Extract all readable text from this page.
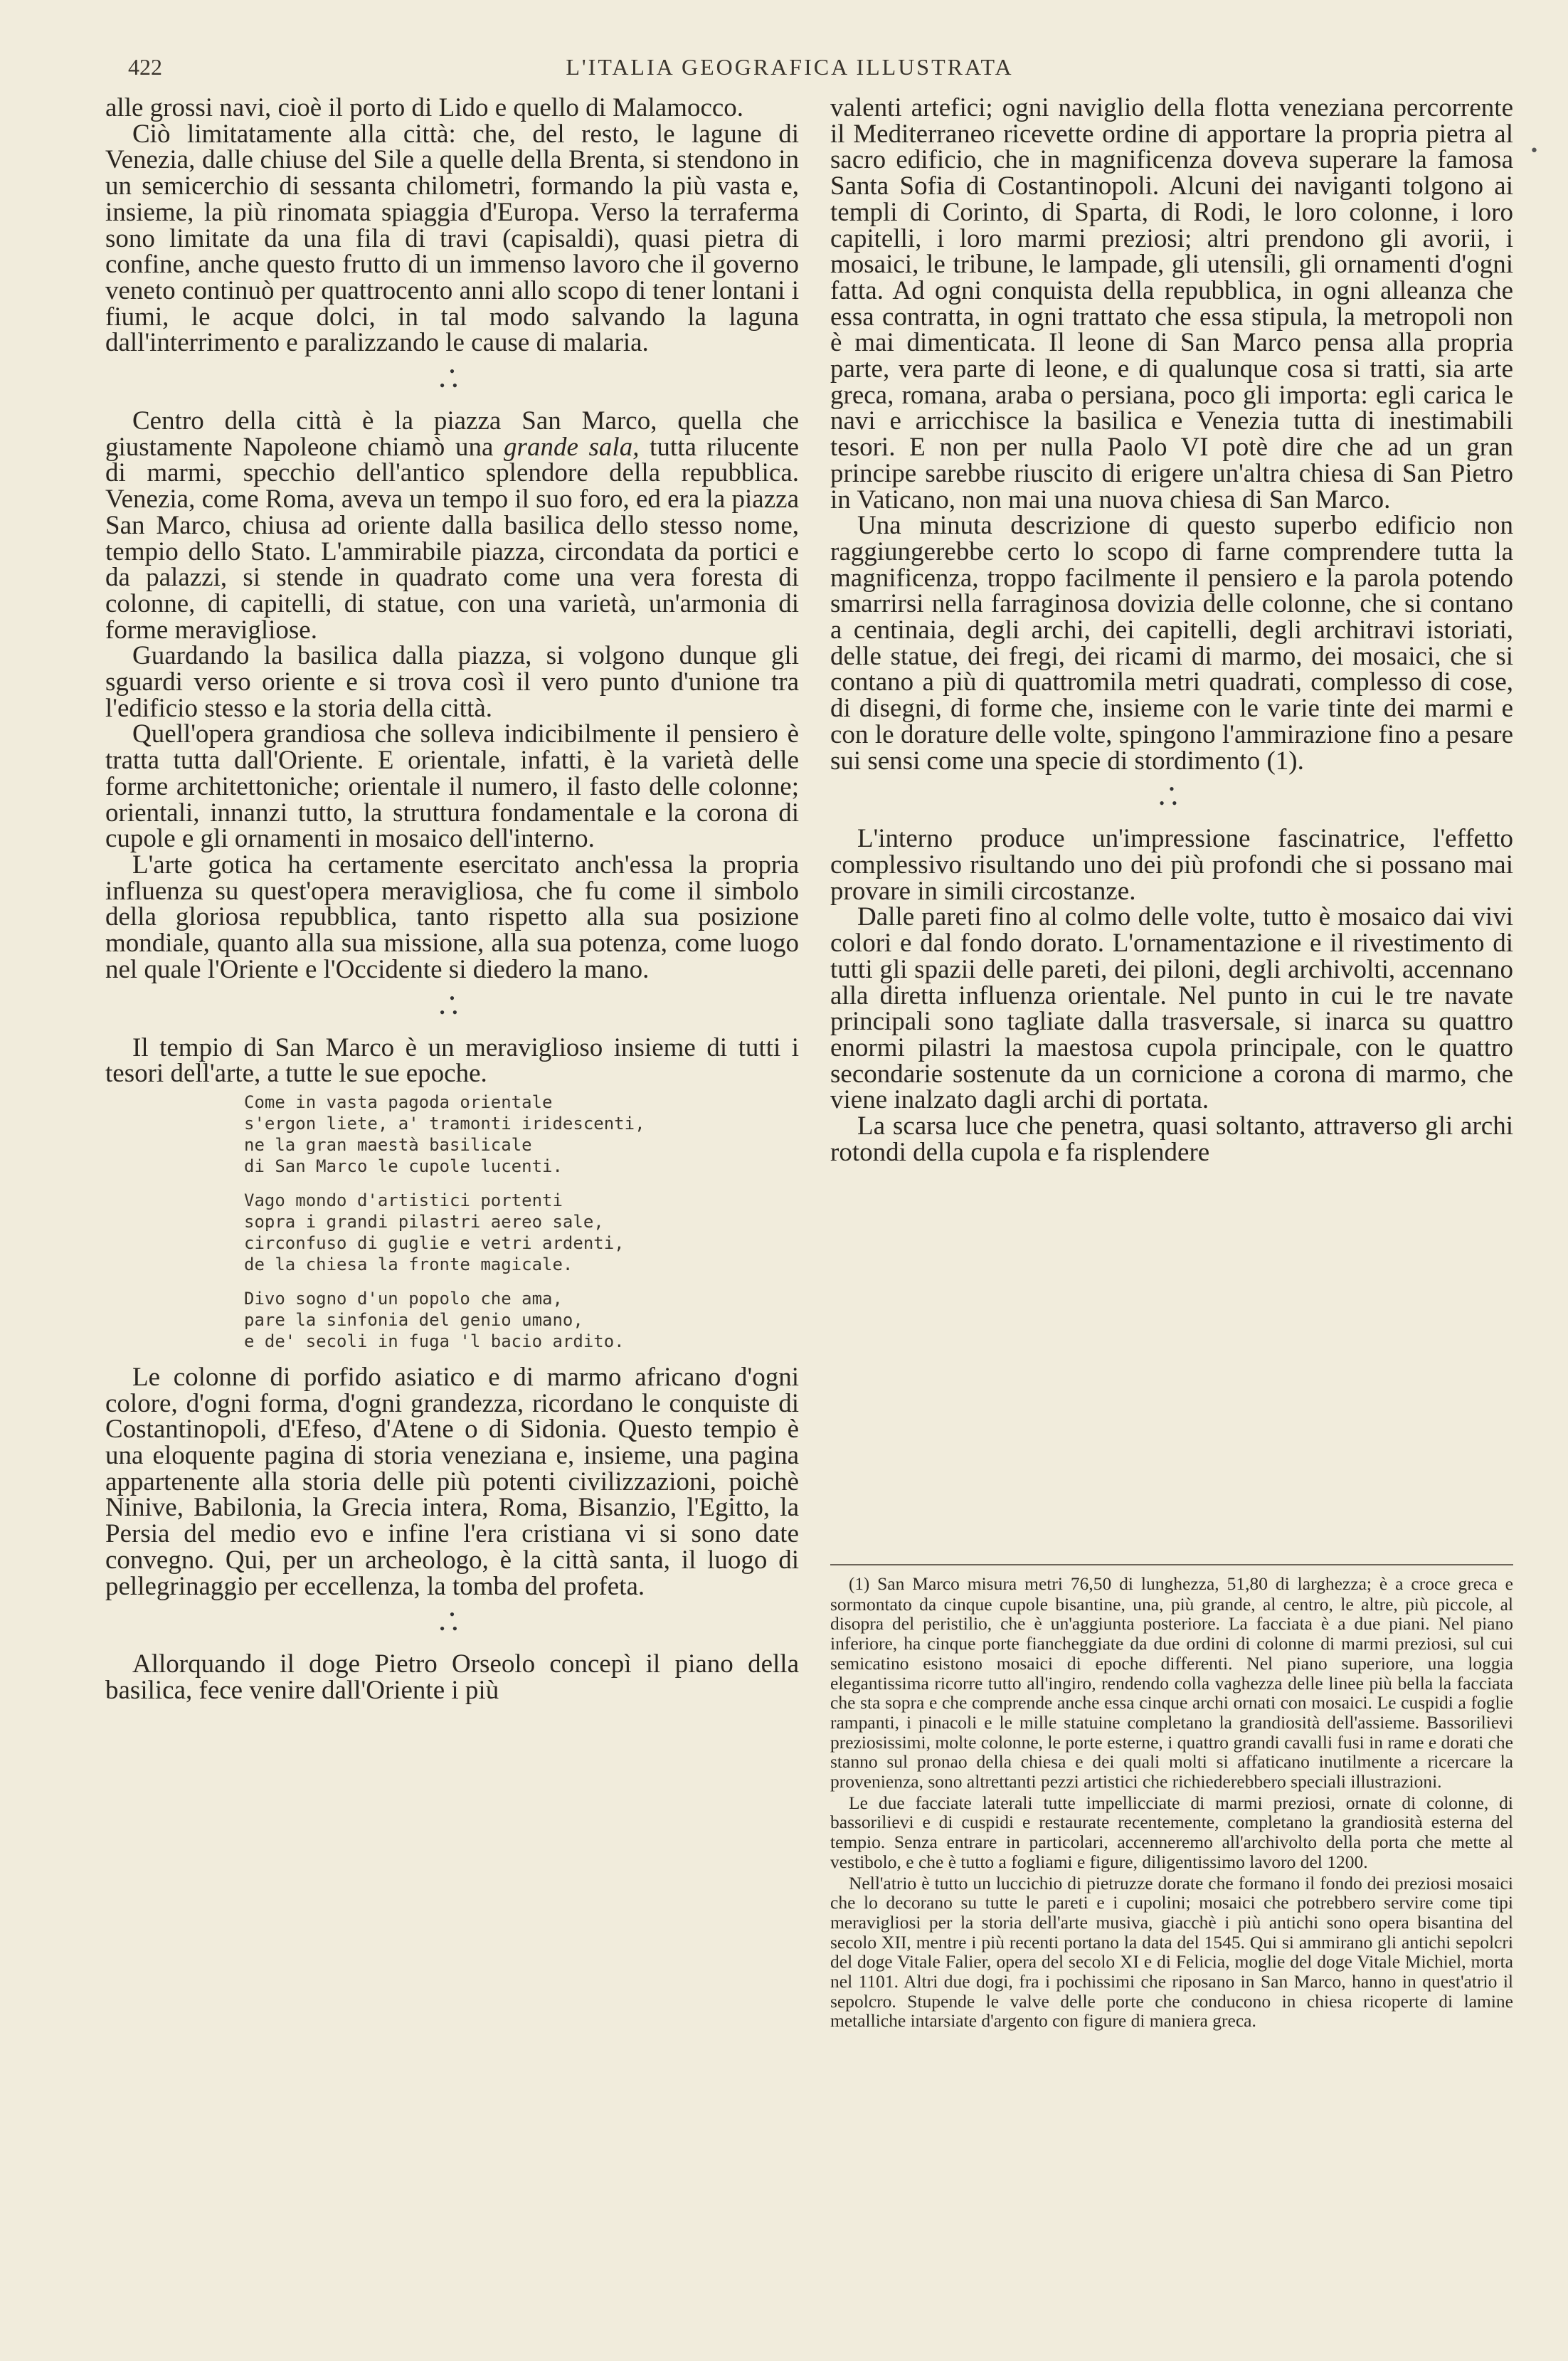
422	L'ITALIA GEOGRAFICA ILLUSTRATA
•

alle grossi navi, cioè il porto di Lido e quello di Malamocco.

Ciò limitatamente alla città: che, del resto, le lagune di Venezia, dalle chiuse del Sile a quelle della Brenta, si stendono in un semicerchio di sessanta chilometri, formando la più vasta e, insieme, la più rinomata spiaggia d'Europa. Verso la terraferma sono limitate da una fila di travi (capisaldi), quasi pietra di confine, anche questo frutto di un immenso lavoro che il governo veneto continuò per quattrocento anni allo scopo di tener lontani i fiumi, le acque dolci, in tal modo salvando la laguna dall'interrimento e paralizzando le cause di malaria.

•
••

Centro della città è la piazza San Marco, quella che giustamente Napoleone chiamò una grande sala, tutta rilucente di marmi, specchio dell'antico splendore della repubblica. Venezia, come Roma, aveva un tempo il suo foro, ed era la piazza San Marco, chiusa ad oriente dalla basilica dello stesso nome, tempio dello Stato. L'ammirabile piazza, circondata da portici e da palazzi, si stende in quadrato come una vera foresta di colonne, di capitelli, di statue, con una varietà, un'armonia di forme meravigliose.

Guardando la basilica dalla piazza, si volgono dunque gli sguardi verso oriente e si trova così il vero punto d'unione tra l'edificio stesso e la storia della città.

Quell'opera grandiosa che solleva indicibilmente il pensiero è tratta tutta dall'Oriente. E orientale, infatti, è la varietà delle forme architettoniche; orientale il numero, il fasto delle colonne; orientali, innanzi tutto, la struttura fondamentale e la corona di cupole e gli ornamenti in mosaico dell'interno.

L'arte gotica ha certamente esercitato anch'essa la propria influenza su quest'opera meravigliosa, che fu come il simbolo della gloriosa repubblica, tanto rispetto alla sua posizione mondiale, quanto alla sua missione, alla sua potenza, come luogo nel quale l'Oriente e l'Occidente si diedero la mano.

•
••

Il tempio di San Marco è un meraviglioso insieme di tutti i tesori dell'arte, a tutte le sue epoche.

Come in vasta pagoda orientale
s'ergon liete, a' tramonti iridescenti,
ne la gran maestà basilicale
di San Marco le cupole lucenti.
Vago mondo d'artistici portenti
sopra i grandi pilastri aereo sale,
circonfuso di guglie e vetri ardenti,
de la chiesa la fronte magicale.
Divo sogno d'un popolo che ama,
pare la sinfonia del genio umano,
e de' secoli in fuga 'l bacio ardito.

Le colonne di porfido asiatico e di marmo africano d'ogni colore, d'ogni forma, d'ogni grandezza, ricordano le conquiste di Costantinopoli, d'Efeso, d'Atene o di Sidonia. Questo tempio è una eloquente pagina di storia veneziana e, insieme, una pagina appartenente alla storia delle più potenti civilizzazioni, poichè Ninive, Babilonia, la Grecia intera, Roma, Bisanzio, l'Egitto, la Persia del medio evo e infine l'era cristiana vi si sono date convegno. Qui, per un archeologo, è la città santa, il luogo di pellegrinaggio per eccellenza, la tomba del profeta.

•
••

Allorquando il doge Pietro Orseolo concepì il piano della basilica, fece venire dall'Oriente i più

valenti artefici; ogni naviglio della flotta veneziana percorrente il Mediterraneo ricevette ordine di apportare la propria pietra al sacro edificio, che in magnificenza doveva superare la famosa Santa Sofia di Costantinopoli. Alcuni dei naviganti tolgono ai templi di Corinto, di Sparta, di Rodi, le loro colonne, i loro capitelli, i loro marmi preziosi; altri prendono gli avorii, i mosaici, le tribune, le lampade, gli utensili, gli ornamenti d'ogni fatta. Ad ogni conquista della repubblica, in ogni alleanza che essa contratta, in ogni trattato che essa stipula, la metropoli non è mai dimenticata. Il leone di San Marco pensa alla propria parte, vera parte di leone, e di qualunque cosa si tratti, sia arte greca, romana, araba o persiana, poco gli importa: egli carica le navi e arricchisce la basilica e Venezia tutta di inestimabili tesori. E non per nulla Paolo VI potè dire che ad un gran principe sarebbe riuscito di erigere un'altra chiesa di San Pietro in Vaticano, non mai una nuova chiesa di San Marco.

Una minuta descrizione di questo superbo edificio non raggiungerebbe certo lo scopo di farne comprendere tutta la magnificenza, troppo facilmente il pensiero e la parola potendo smarrirsi nella farraginosa dovizia delle colonne, che si contano a centinaia, degli archi, dei capitelli, degli architravi istoriati, delle statue, dei fregi, dei ricami di marmo, dei mosaici, che si contano a più di quattromila metri quadrati, complesso di cose, di disegni, di forme che, insieme con le varie tinte dei marmi e con le dorature delle volte, spingono l'ammirazione fino a pesare sui sensi come una specie di stordimento (1).

•
••

L'interno produce un'impressione fascinatrice, l'effetto complessivo risultando uno dei più profondi che si possano mai provare in simili circostanze.

Dalle pareti fino al colmo delle volte, tutto è mosaico dai vivi colori e dal fondo dorato. L'ornamentazione e il rivestimento di tutti gli spazii delle pareti, dei piloni, degli archivolti, accennano alla diretta influenza orientale. Nel punto in cui le tre navate principali sono tagliate dalla trasversale, si inarca su quattro enormi pilastri la maestosa cupola principale, con le quattro secondarie sostenute da un cornicione a corona di marmo, che viene inalzato dagli archi di portata.

La scarsa luce che penetra, quasi soltanto, attraverso gli archi rotondi della cupola e fa risplendere

(1) San Marco misura metri 76,50 di lunghezza, 51,80 di larghezza; è a croce greca e sormontato da cinque cupole bisantine, una, più grande, al centro, le altre, più piccole, al disopra del peristilio, che è un'aggiunta posteriore. La facciata è a due piani. Nel piano inferiore, ha cinque porte fiancheggiate da due ordini di colonne di marmi preziosi, sul cui semicatino esistono mosaici di epoche differenti. Nel piano superiore, una loggia elegantissima ricorre tutto all'ingiro, rendendo colla vaghezza delle linee più bella la facciata che sta sopra e che comprende anche essa cinque archi ornati con mosaici. Le cuspidi a foglie rampanti, i pinacoli e le mille statuine completano la grandiosità dell'assieme. Bassorilievi preziosissimi, molte colonne, le porte esterne, i quattro grandi cavalli fusi in rame e dorati che stanno sul pronao della chiesa e dei quali molti si affaticano inutilmente a ricercare la provenienza, sono altrettanti pezzi artistici che richiederebbero speciali illustrazioni.

Le due facciate laterali tutte impellicciate di marmi preziosi, ornate di colonne, di bassorilievi e di cuspidi e restaurate recentemente, completano la grandiosità esterna del tempio. Senza entrare in particolari, accenneremo all'archivolto della porta che mette al vestibolo, e che è tutto a fogliami e figure, diligentissimo lavoro del 1200.

Nell'atrio è tutto un luccichio di pietruzze dorate che formano il fondo dei preziosi mosaici che lo decorano su tutte le pareti e i cupolini; mosaici che potrebbero servire come tipi meravigliosi per la storia dell'arte musiva, giacchè i più antichi sono opera bisantina del secolo XII, mentre i più recenti portano la data del 1545. Qui si ammirano gli antichi sepolcri del doge Vitale Falier, opera del secolo XI e di Felicia, moglie del doge Vitale Michiel, morta nel 1101. Altri due dogi, fra i pochissimi che riposano in San Marco, hanno in quest'atrio il sepolcro. Stupende le valve delle porte che conducono in chiesa ricoperte di lamine metalliche intarsiate d'argento con figure di maniera greca.
